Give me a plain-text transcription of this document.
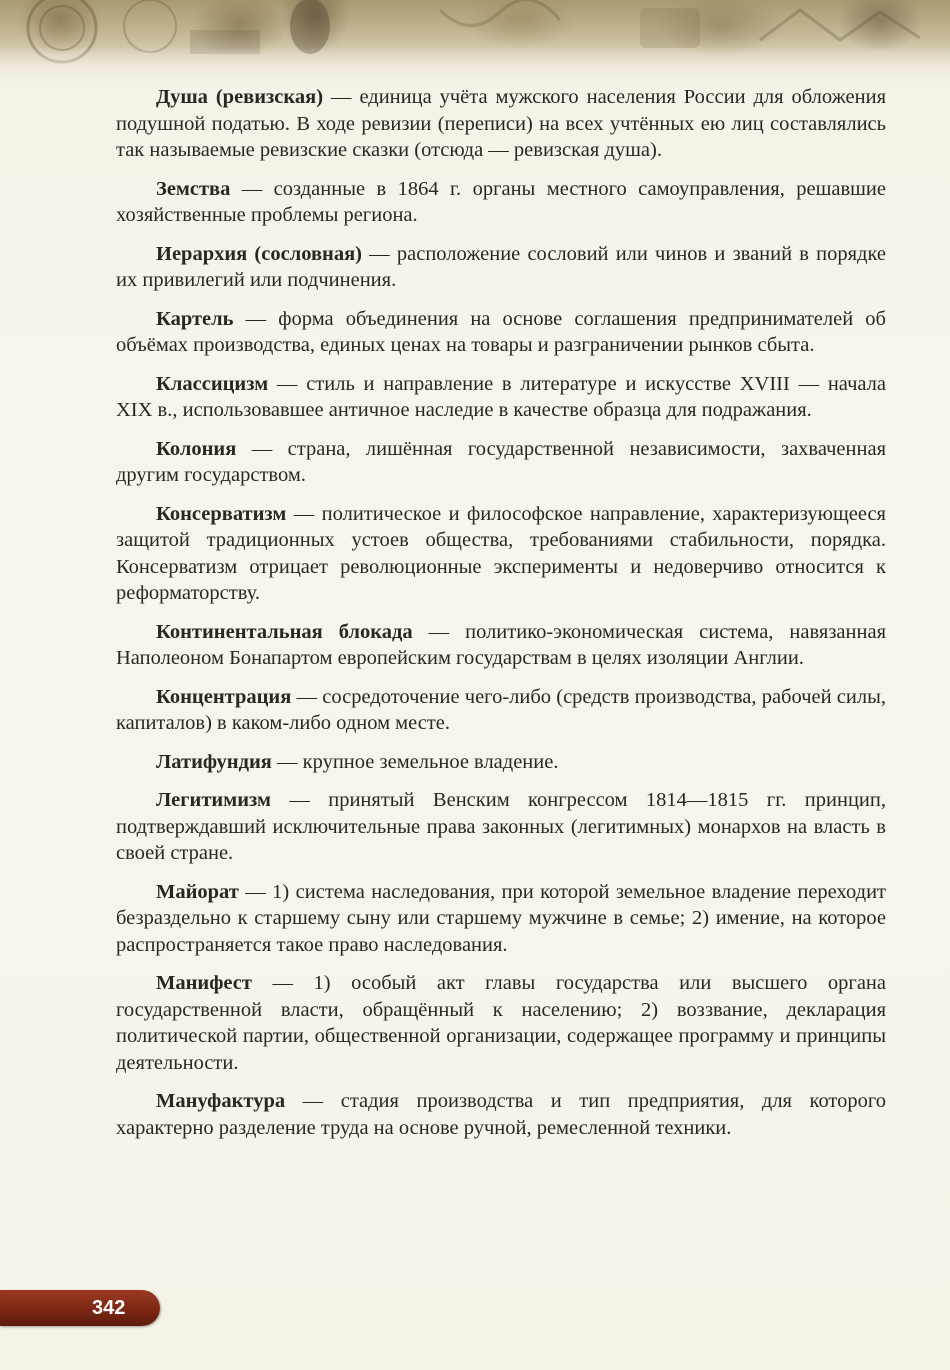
Душа (ревизская) — единица учёта мужского населения России для обложения подушной податью. В ходе ревизии (переписи) на всех учтённых ею лиц составлялись так называемые ревизские сказки (отсюда — ревизская душа).

Земства — созданные в 1864 г. органы местного самоуправления, решавшие хозяйственные проблемы региона.

Иерархия (сословная) — расположение сословий или чинов и званий в порядке их привилегий или подчинения.

Картель — форма объединения на основе соглашения предпринимателей об объёмах производства, единых ценах на товары и разграничении рынков сбыта.

Классицизм — стиль и направление в литературе и искусстве XVIII — начала XIX в., использовавшее античное наследие в качестве образца для подражания.

Колония — страна, лишённая государственной независимости, захваченная другим государством.

Консерватизм — политическое и философское направление, характеризующееся защитой традиционных устоев общества, требованиями стабильности, порядка. Консерватизм отрицает революционные эксперименты и недоверчиво относится к реформаторству.

Континентальная блокада — политико-экономическая система, навязанная Наполеоном Бонапартом европейским государствам в целях изоляции Англии.

Концентрация — сосредоточение чего-либо (средств производства, рабочей силы, капиталов) в каком-либо одном месте.

Латифундия — крупное земельное владение.

Легитимизм — принятый Венским конгрессом 1814—1815 гг. принцип, подтверждавший исключительные права законных (легитимных) монархов на власть в своей стране.

Майорат — 1) система наследования, при которой земельное владение переходит безраздельно к старшему сыну или старшему мужчине в семье; 2) имение, на которое распространяется такое право наследования.

Манифест — 1) особый акт главы государства или высшего органа государственной власти, обращённый к населению; 2) воззвание, декларация политической партии, общественной организации, содержащее программу и принципы деятельности.

Мануфактура — стадия производства и тип предприятия, для которого характерно разделение труда на основе ручной, ремесленной техники.

342
